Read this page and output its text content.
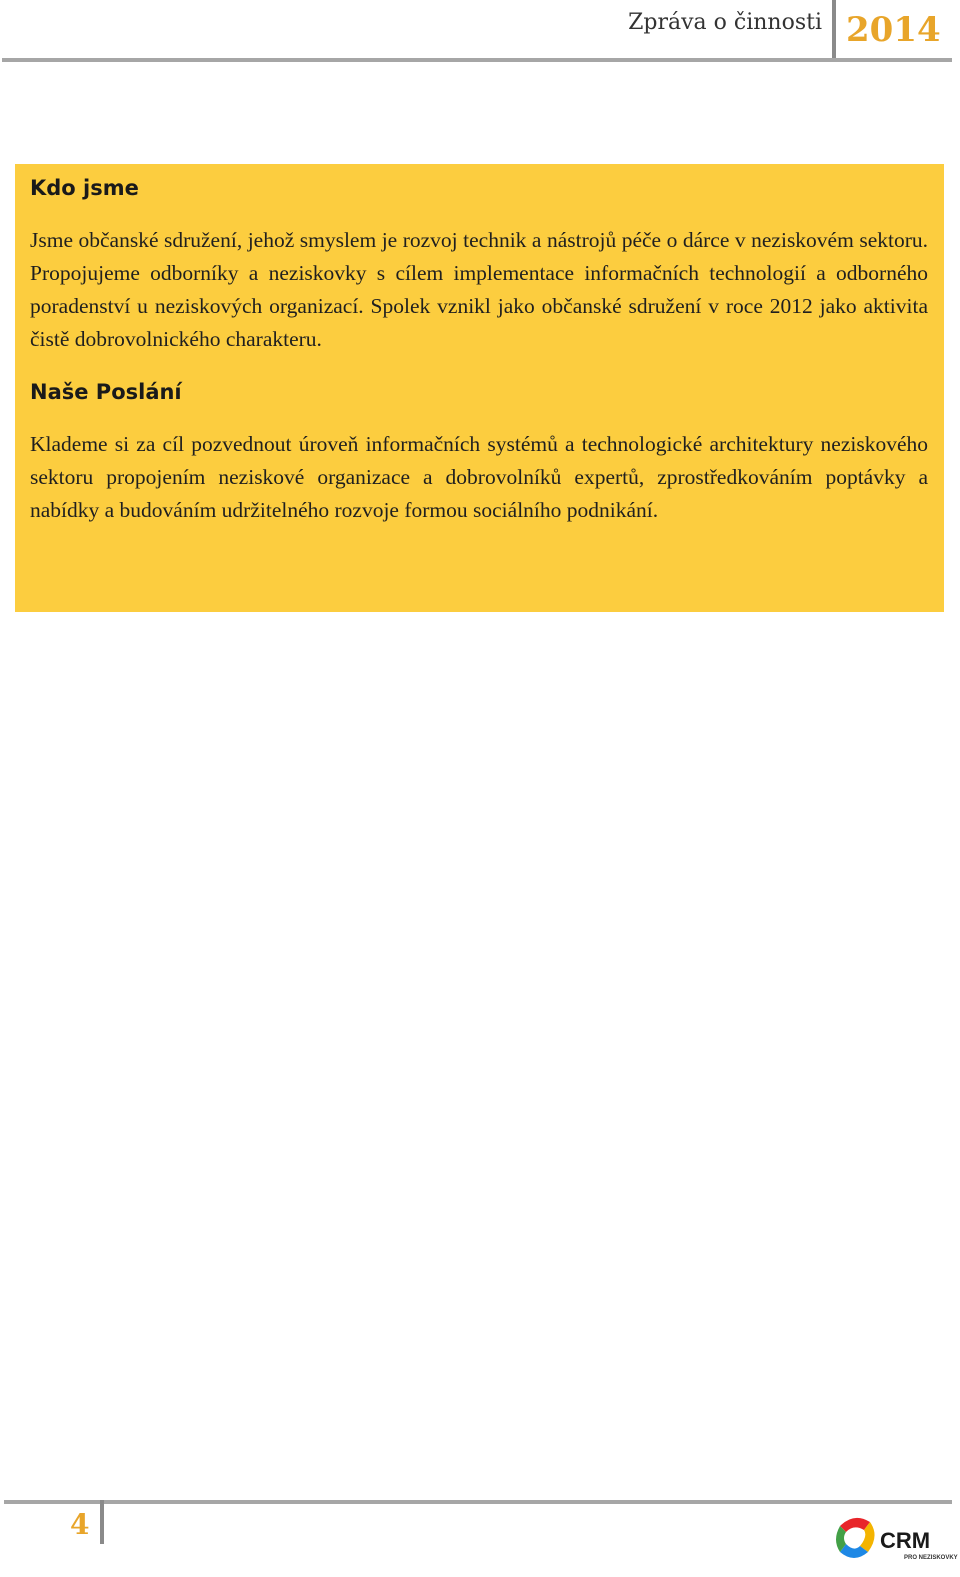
Zpráva o činnosti 2014
Kdo jsme

Jsme občanské sdružení, jehož smyslem je rozvoj technik a nástrojů péče o dárce v neziskovém sektoru. Propojujeme odborníky a neziskovky s cílem implementace informačních technologií a odborného poradenství u neziskových organizací. Spolek vznikl jako občanské sdružení v roce 2012 jako aktivita čistě dobrovolnického charakteru.

Naše Poslání

Klademe si za cíl pozvednout úroveň informačních systémů a technologické architektury neziskového sektoru propojením neziskové organizace a dobrovolníků expertů, zprostředkováním poptávky a nabídky a budováním udržitelného rozvoje formou sociálního podnikání.

4	CRM
PRO NEZISKOVKY
